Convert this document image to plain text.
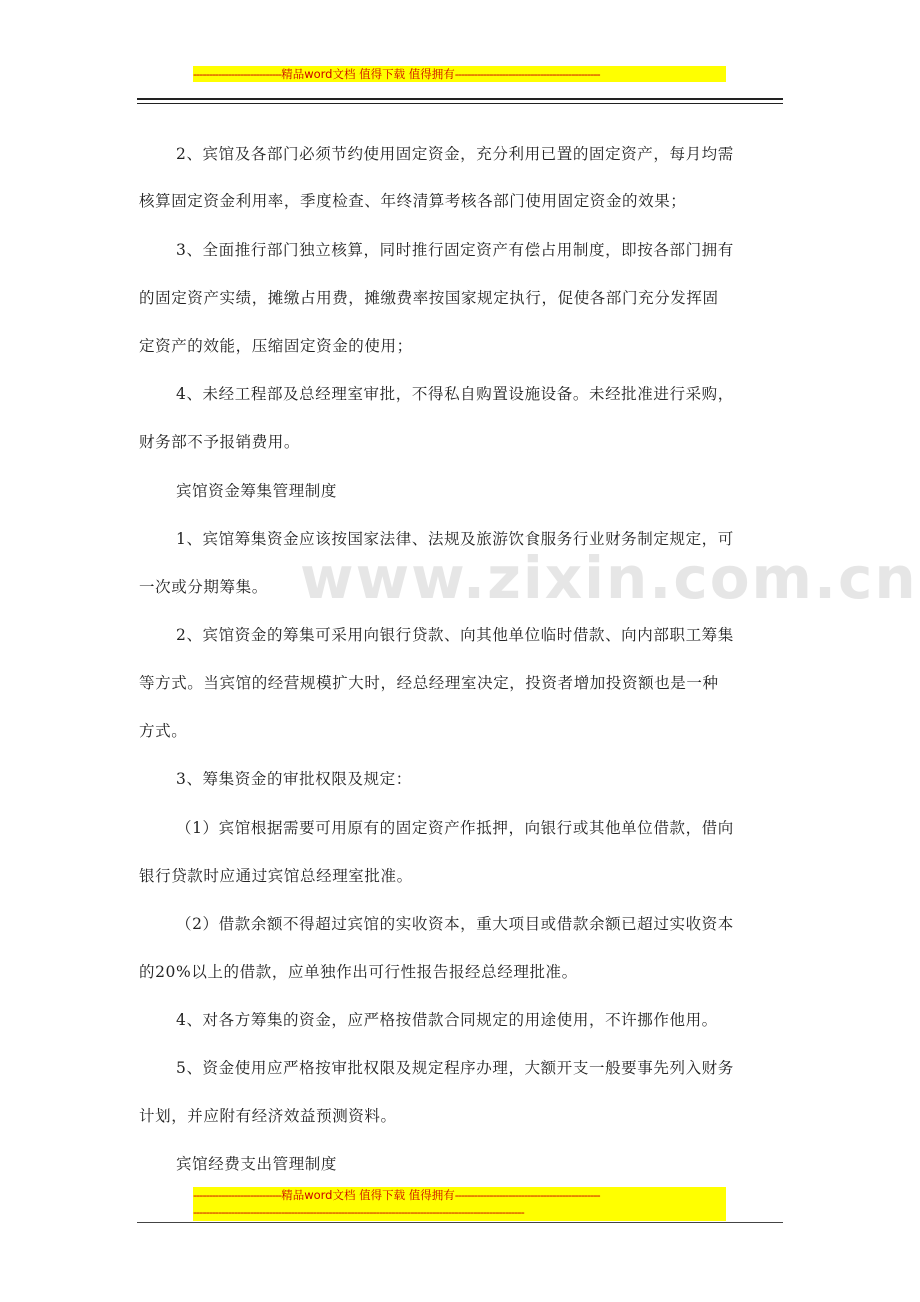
----------------------------精品word文档 值得下载 值得拥有----------------------------------------------
www.zixin.com.cn
2、宾馆及各部门必须节约使用固定资金，充分利用已置的固定资产，每月均需
核算固定资金利用率，季度检查、年终清算考核各部门使用固定资金的效果；
3、全面推行部门独立核算，同时推行固定资产有偿占用制度，即按各部门拥有
的固定资产实绩，摊缴占用费，摊缴费率按国家规定执行，促使各部门充分发挥固
定资产的效能，压缩固定资金的使用；
4、未经工程部及总经理室审批，不得私自购置设施设备。未经批准进行采购，
财务部不予报销费用。
宾馆资金筹集管理制度
1、宾馆筹集资金应该按国家法律、法规及旅游饮食服务行业财务制定规定，可
一次或分期筹集。
2、宾馆资金的筹集可采用向银行贷款、向其他单位临时借款、向内部职工筹集
等方式。当宾馆的经营规模扩大时，经总经理室决定，投资者增加投资额也是一种
方式。
3、筹集资金的审批权限及规定：
（1）宾馆根据需要可用原有的固定资产作抵押，向银行或其他单位借款，借向
银行贷款时应通过宾馆总经理室批准。
（2）借款余额不得超过宾馆的实收资本，重大项目或借款余额已超过实收资本
的20%以上的借款，应单独作出可行性报告报经总经理批准。
4、对各方筹集的资金，应严格按借款合同规定的用途使用，不许挪作他用。
5、资金使用应严格按审批权限及规定程序办理，大额开支一般要事先列入财务
计划，并应附有经济效益预测资料。
宾馆经费支出管理制度
----------------------------精品word文档 值得下载 值得拥有----------------------------------------------
---------------------------------------------------------------------------------------------------------
